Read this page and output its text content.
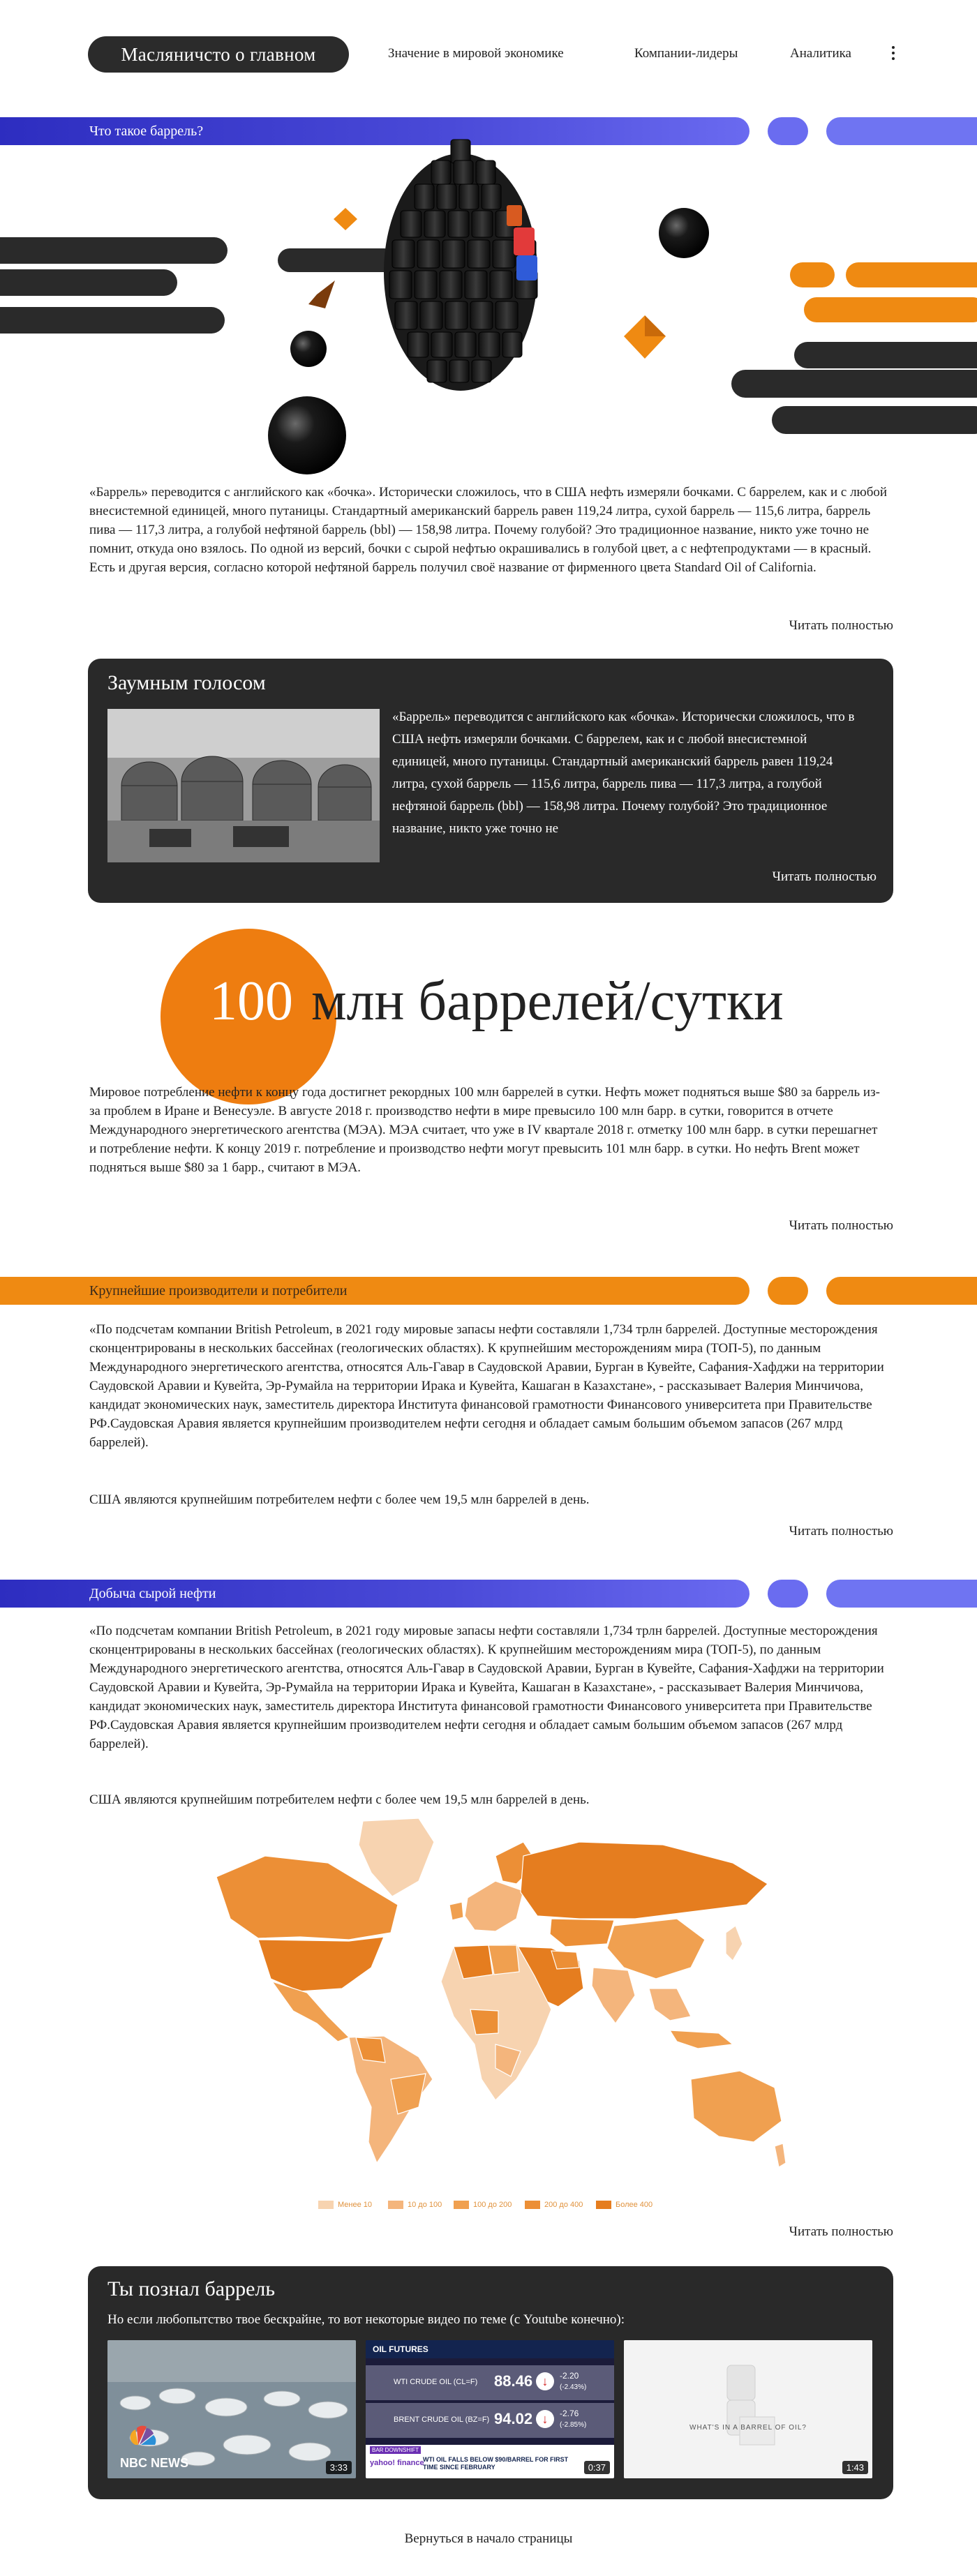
Масляничсто о главном	Значение в мировой экономике	Компании-лидеры	Аналитика
Что такое баррель?
«Баррель» переводится с английского как «бочка». Исторически сложилось, что в США нефть измеряли бочками. С баррелем, как и с любой внесистемной единицей, много путаницы. Стандартный американский баррель равен 119,24 литра, сухой баррель — 115,6 литра, баррель пива — 117,3 литра, а голубой нефтяной баррель (bbl) — 158,98 литра. Почему голубой? Это традиционное название, никто уже точно не помнит, откуда оно взялось. По одной из версий, бочки с сырой нефтью окрашивались в голубой цвет, а с нефтепродуктами — в красный. Есть и другая версия, согласно которой нефтяной баррель получил своё название от фирменного цвета Standard Oil of California.
Читать полностью
Заумным голосом
«Баррель» переводится с английского как «бочка». Исторически сложилось, что в США нефть измеряли бочками. С баррелем, как и с любой внесистемной единицей, много путаницы. Стандартный американский баррель равен 119,24 литра, сухой баррель — 115,6 литра, баррель пива — 117,3 литра, а голубой нефтяной баррель (bbl) — 158,98 литра. Почему голубой? Это традиционное название, никто уже точно не
Читать полностью
100 млн баррелей/сутки
Мировое потребление нефти к концу года достигнет рекордных 100 млн баррелей в сутки. Нефть может подняться выше $80 за баррель из-за проблем в Иране и Венесуэле. В августе 2018 г. производство нефти в мире превысило 100 млн барр. в сутки, говорится в отчете Международного энергетического агентства (МЭА). МЭА считает, что уже в IV квартале 2018 г. отметку 100 млн барр. в сутки перешагнет и потребление нефти. К концу 2019 г. потребление и производство нефти могут превысить 101 млн барр. в сутки. Но нефть Brent может подняться выше $80 за 1 барр., считают в МЭА.
Читать полностью
Крупнейшие производители и потребители
«По подсчетам компании British Petroleum, в 2021 году мировые запасы нефти составляли 1,734 трлн баррелей. Доступные месторождения сконцентрированы в нескольких бассейнах (геологических областях). К крупнейшим месторождениям мира (ТОП-5), по данным Международного энергетического агентства, относятся Аль-Гавар в Саудовской Аравии, Бурган в Кувейте, Сафания-Хафджи на территории Саудовской Аравии и Кувейта, Эр-Румайла на территории Ирака и Кувейта, Кашаган в Казахстане», - рассказывает Валерия Минчичова, кандидат экономических наук, заместитель директора Института финансовой грамотности Финансового университета при Правительстве РФ.Саудовская Аравия является крупнейшим производителем нефти сегодня и обладает самым большим объемом запасов (267 млрд баррелей).
США являются крупнейшим потребителем нефти с более чем 19,5 млн баррелей в день.
Читать полностью
Добыча сырой нефти
«По подсчетам компании British Petroleum, в 2021 году мировые запасы нефти составляли 1,734 трлн баррелей. Доступные месторождения сконцентрированы в нескольких бассейнах (геологических областях). К крупнейшим месторождениям мира (ТОП-5), по данным Международного энергетического агентства, относятся Аль-Гавар в Саудовской Аравии, Бурган в Кувейте, Сафания-Хафджи на территории Саудовской Аравии и Кувейта, Эр-Румайла на территории Ирака и Кувейта, Кашаган в Казахстане», - рассказывает Валерия Минчичова, кандидат экономических наук, заместитель директора Института финансовой грамотности Финансового университета при Правительстве РФ.Саудовская Аравия является крупнейшим производителем нефти сегодня и обладает самым большим объемом запасов (267 млрд баррелей).
США являются крупнейшим потребителем нефти с более чем 19,5 млн баррелей в день.
Менее 10	10 до 100	100 до 200	200 до 400	Более 400
Читать полностью
Ты познал баррель
Но если любопытство твое бескрайне, то вот некоторые видео по теме (с Youtube конечно):
NBC NEWS	3:33
OIL FUTURES
WTI CRUDE OIL (CL=F) 88.46 ↓	-2.20
(-2.43%)
BRENT CRUDE OIL (BZ=F) 94.02 ↓	-2.76
(-2.85%)
BAR DOWNSHIFT
yahoo! finance
WTI OIL FALLS BELOW $90/BARREL FOR FIRST TIME SINCE FEBRUARY	0:37
WHAT'S IN A BARREL OF OIL?
1:43
Вернуться в начало страницы
